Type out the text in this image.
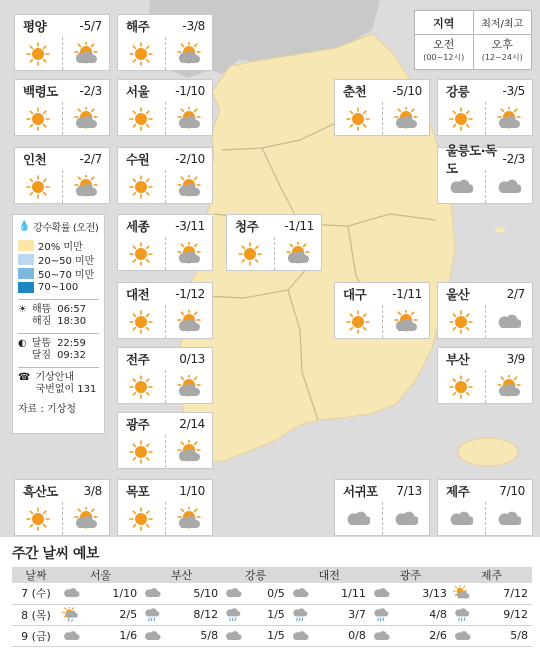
평양	-5/7 해주	-3/8
백령도 -2/3 서울 -1/10	춘천 -5/10 강릉	-3/5
인천	-2/7 수원 -2/10
울릉도·독도
-2/3
세종 -3/11 청주 -1/11
대전 -1/12	대구 -1/11 울산	2/7
전주	0/13	부산	3/9
광주	2/14
흑산도 3/8 목포	1/10	서귀포 7/13 제주	7/10
지역	최저/최고
오전
(00~12시)
오후
(12~24시)
💧 강수확률 (오전)
20% 미만
20~50 미만
50~70 미만
70~100
☀ 해뜸 06:57
해짐 18:30
◐ 달뜸 22:59
달짐 09:32
☎ 기상안내
국번없이 131
자료 : 기상청
주간 날씨 예보
날짜	서울		부산		강릉		대전		광주		제주	
7 (수)		1/10		5/10		0/5		1/11		3/13		7/12
8 (목)		2/5		8/12		1/5		3/7		4/8		9/12
9 (금)		1/6		5/8		1/5		0/8		2/6		5/8
